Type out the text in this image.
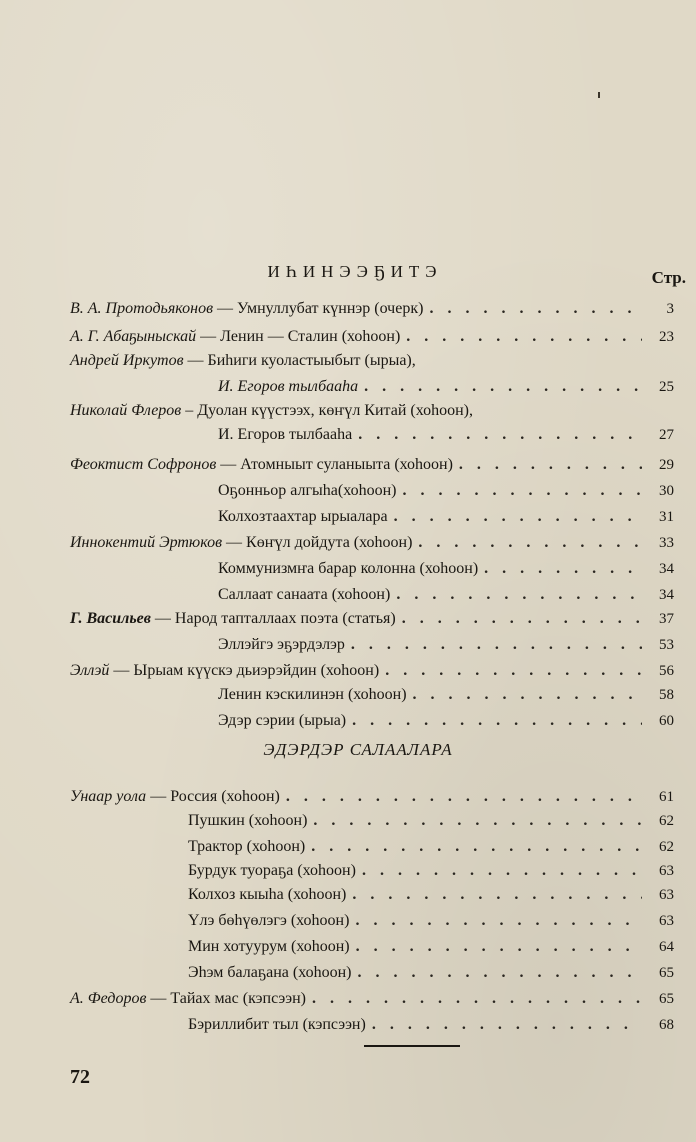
ИҺИНЭЭҔИТЭ	Стр.
В. А. Протодьяконов — Умнуллубат күннэр
(очерк) . . .	3
А. Г. Абаҕыныскай — Ленин — Сталин
(хоһоон) . . .	23
Андрей Иркутов — Биһиги куоластыыбыт
(ырыа),
И. Егоров тылбааһа . . .	25
Николай Флеров – Дуолан күүстээх, көҥүл Китай
(хоһоон),
И. Егоров тылбааһа . . .	27
Феоктист Софронов — Атомныыт суланыыта
(хоһоон) . . .	29
Оҕонньор алгыһа (хоһоон) . . .	30
Колхозтаахтар ырыалара . . .	31
Иннокентий Эртюков — Көҥүл дойдута
(хоһоон) . . .	33
Коммунизмҥа барар колонна
(хоһоон) . . .	34
Саллаат санаата
(хоһоон) . . .	34
Г. Васильев — Народ тапталлаах поэта
(статья) . . .	37
Эллэйгэ эҕэрдэлэр . . .	53
Эллэй — Ырыам күүскэ дьиэрэйдин
(хоһоон) . . .	56
Ленин кэскилинэн
(хоһоон) . . .	58
Эдэр сэрии
(ырыа) . . .	60
ЭДЭРДЭР САЛААЛАРА
Унаар уола — Россия
(хоһоон) . . .	61
Пушкин
(хоһоон) . . .	62
Трактор
(хоһоон) . . .	62
Бурдук туораҕа
(хоһоон) . . .	63
Колхоз кыыһа
(хоһоон) . . .	63
Үлэ бөһүөлэгэ
(хоһоон) . . .	63
Мин хотуурум
(хоһоон) . . .	64
Эһэм балаҕана
(хоһоон) . . .	65
А. Федоров — Тайах мас
(кэпсээн) . . .	65
Бэриллибит тыл
(кэпсээн) . . .	68
72
